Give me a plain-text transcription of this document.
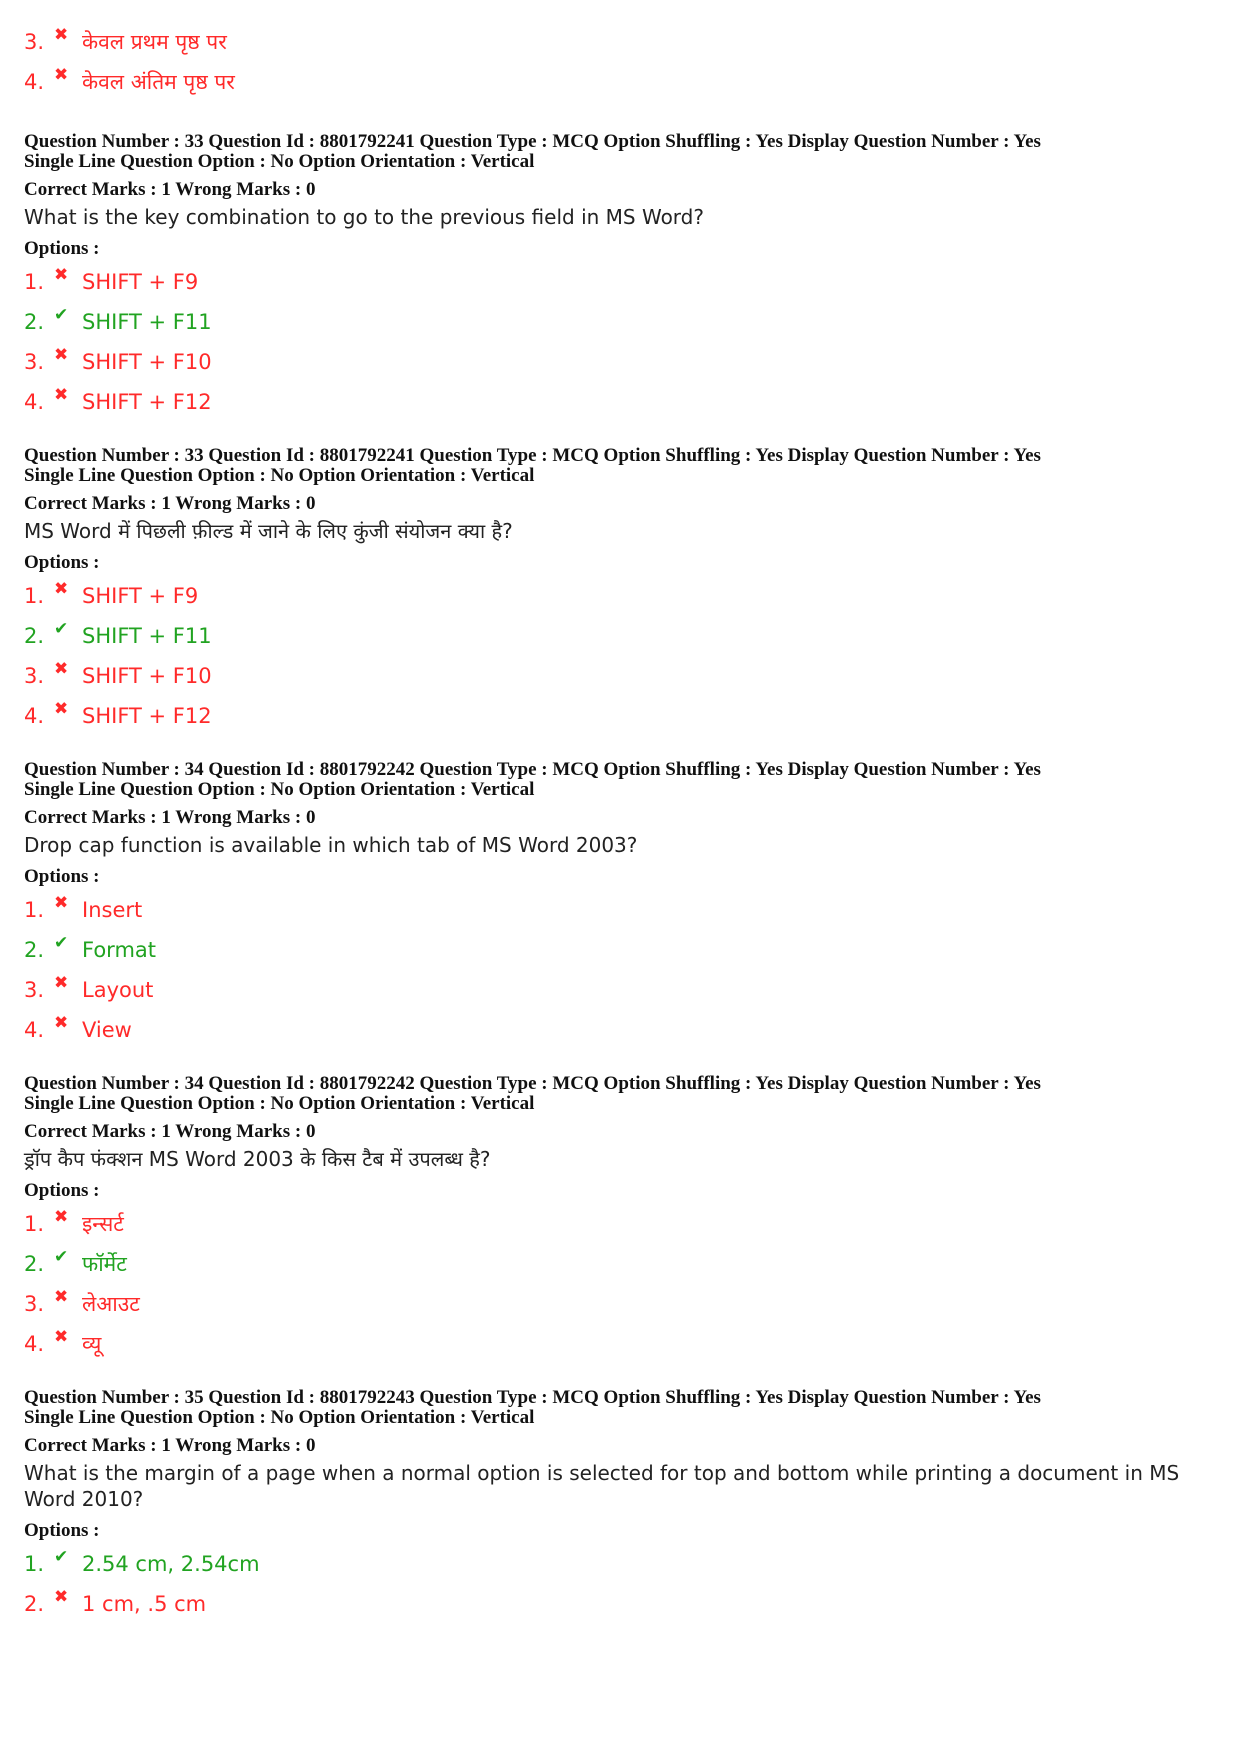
3. ✖ केवल प्रथम पृष्ठ पर
4. ✖ केवल अंतिम पृष्ठ पर
Question Number : 33 Question Id : 8801792241 Question Type : MCQ Option Shuffling : Yes Display Question Number : Yes
Single Line Question Option : No Option Orientation : Vertical
Correct Marks : 1 Wrong Marks : 0
What is the key combination to go to the previous field in MS Word?
Options :
1. ✖ SHIFT + F9
2. ✔ SHIFT + F11
3. ✖ SHIFT + F10
4. ✖ SHIFT + F12
Question Number : 33 Question Id : 8801792241 Question Type : MCQ Option Shuffling : Yes Display Question Number : Yes
Single Line Question Option : No Option Orientation : Vertical
Correct Marks : 1 Wrong Marks : 0
MS Word में पिछली फ़ील्ड में जाने के लिए कुंजी संयोजन क्या है?
Options :
1. ✖ SHIFT + F9
2. ✔ SHIFT + F11
3. ✖ SHIFT + F10
4. ✖ SHIFT + F12
Question Number : 34 Question Id : 8801792242 Question Type : MCQ Option Shuffling : Yes Display Question Number : Yes
Single Line Question Option : No Option Orientation : Vertical
Correct Marks : 1 Wrong Marks : 0
Drop cap function is available in which tab of MS Word 2003?
Options :
1. ✖ Insert
2. ✔ Format
3. ✖ Layout
4. ✖ View
Question Number : 34 Question Id : 8801792242 Question Type : MCQ Option Shuffling : Yes Display Question Number : Yes
Single Line Question Option : No Option Orientation : Vertical
Correct Marks : 1 Wrong Marks : 0
ड्रॉप कैप फंक्शन MS Word 2003 के किस टैब में उपलब्ध है?
Options :
1. ✖ इन्सर्ट
2. ✔ फॉर्मेट
3. ✖ लेआउट
4. ✖ व्यू
Question Number : 35 Question Id : 8801792243 Question Type : MCQ Option Shuffling : Yes Display Question Number : Yes
Single Line Question Option : No Option Orientation : Vertical
Correct Marks : 1 Wrong Marks : 0
What is the margin of a page when a normal option is selected for top and bottom while printing a document in MS Word 2010?
Options :
1. ✔ 2.54 cm, 2.54cm
2. ✖ 1 cm, .5 cm
